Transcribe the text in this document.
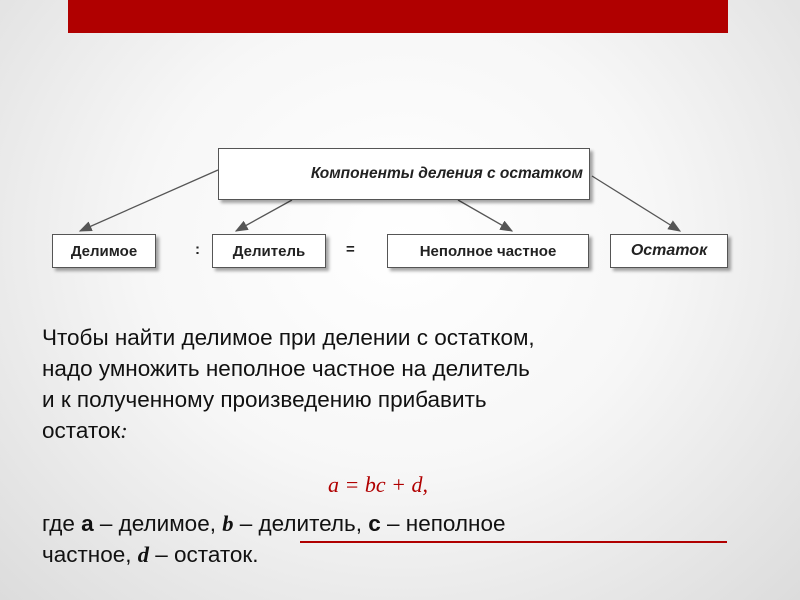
Компоненты деления с остатком
Делимое	: Делитель	=	Неполное частное	Остаток
Чтобы найти делимое при делении с остатком,
надо умножить неполное частное на делитель
и к полученному произведению прибавить
остаток:
a = bc + d,
где а – делимое, b – делитель, с – неполное
частное, d – остаток.
